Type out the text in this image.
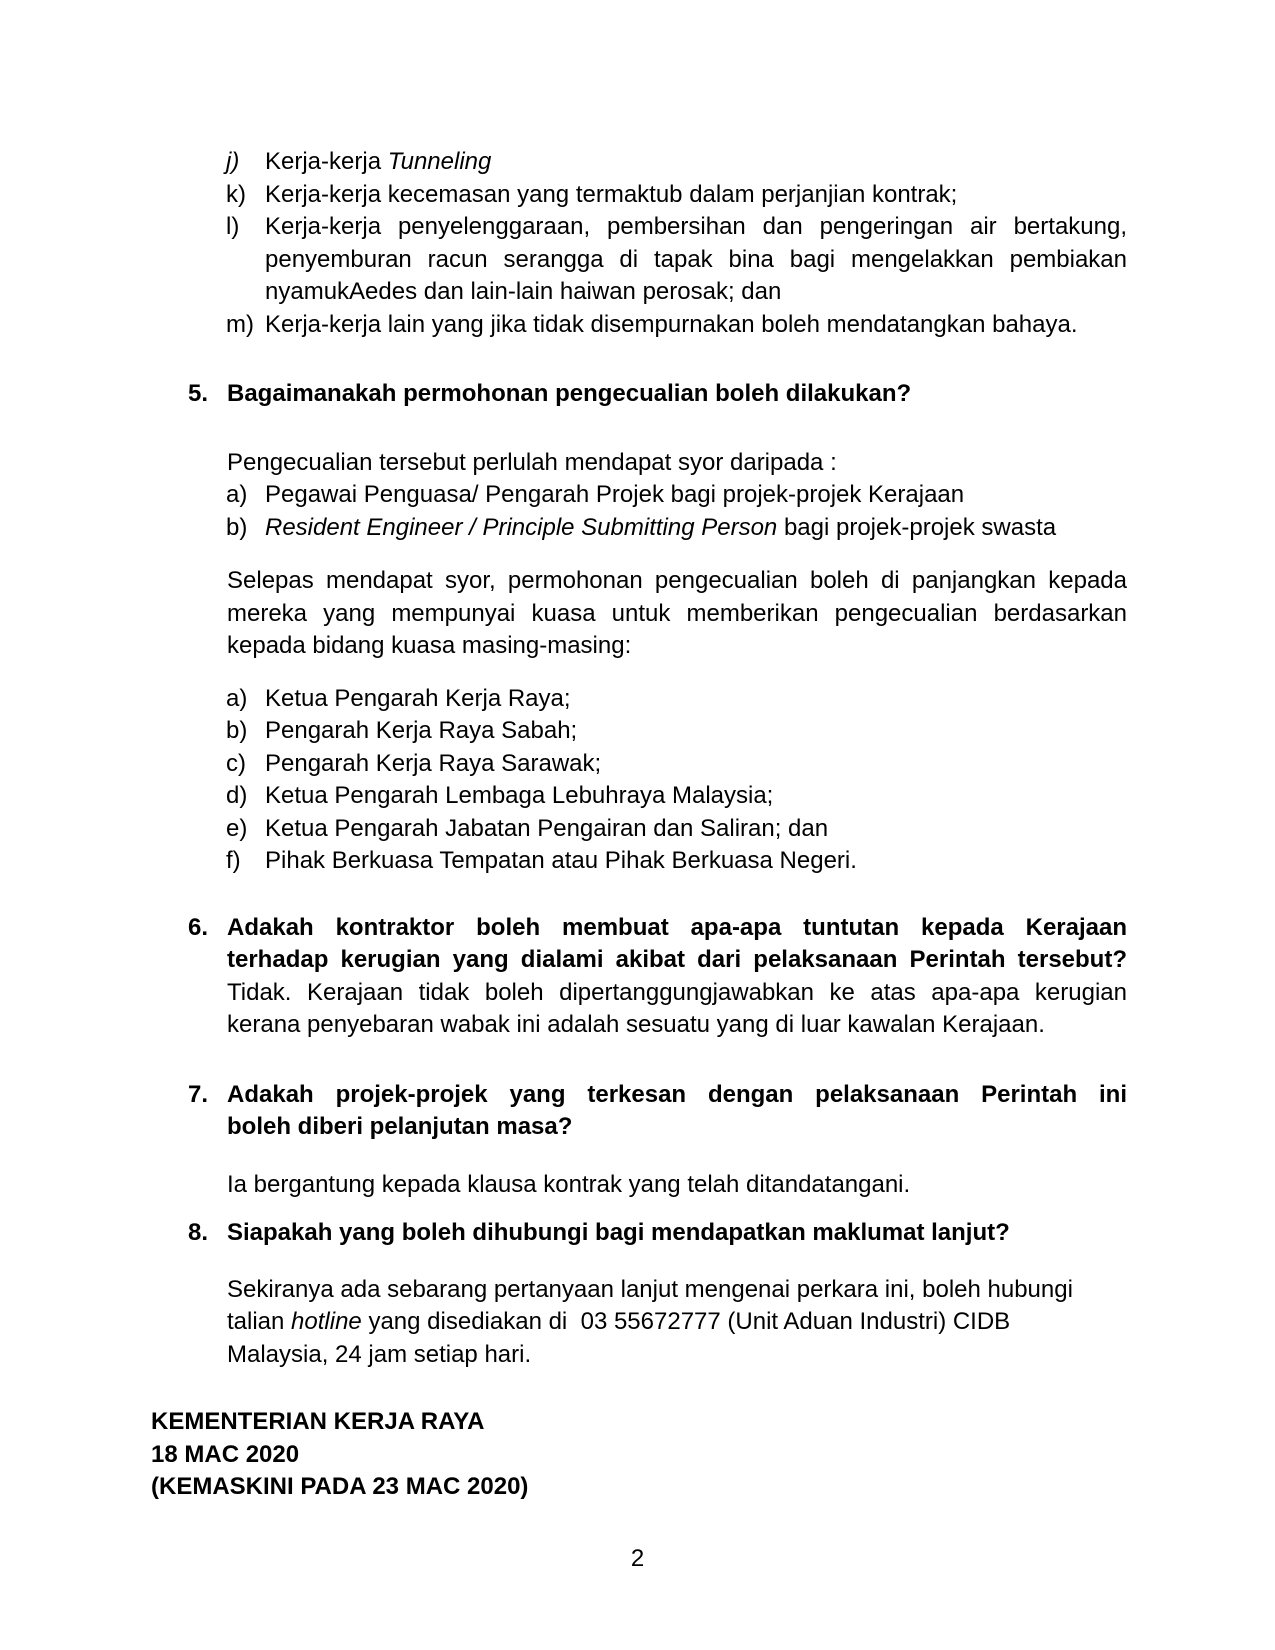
j) Kerja-kerja Tunneling
k) Kerja-kerja kecemasan yang termaktub dalam perjanjian kontrak;
l) Kerja-kerja penyelenggaraan, pembersihan dan pengeringan air bertakung,
penyemburan racun serangga di tapak bina bagi mengelakkan pembiakan
nyamukAedes dan lain-lain haiwan perosak; dan
m) Kerja-kerja lain yang jika tidak disempurnakan boleh mendatangkan bahaya.
5. Bagaimanakah permohonan pengecualian boleh dilakukan?
Pengecualian tersebut perlulah mendapat syor daripada :
a) Pegawai Penguasa/ Pengarah Projek bagi projek-projek Kerajaan
b) Resident Engineer / Principle Submitting Person bagi projek-projek swasta
Selepas mendapat syor, permohonan pengecualian boleh di panjangkan kepada
mereka yang mempunyai kuasa untuk memberikan pengecualian berdasarkan
kepada bidang kuasa masing-masing:
a) Ketua Pengarah Kerja Raya;
b) Pengarah Kerja Raya Sabah;
c) Pengarah Kerja Raya Sarawak;
d) Ketua Pengarah Lembaga Lebuhraya Malaysia;
e) Ketua Pengarah Jabatan Pengairan dan Saliran; dan
f) Pihak Berkuasa Tempatan atau Pihak Berkuasa Negeri.
6. Adakah kontraktor boleh membuat apa-apa tuntutan kepada Kerajaan
terhadap kerugian yang dialami akibat dari pelaksanaan Perintah tersebut?
Tidak. Kerajaan tidak boleh dipertanggungjawabkan ke atas apa-apa kerugian
kerana penyebaran wabak ini adalah sesuatu yang di luar kawalan Kerajaan.
7. Adakah projek-projek yang terkesan dengan pelaksanaan Perintah ini
boleh diberi pelanjutan masa?
Ia bergantung kepada klausa kontrak yang telah ditandatangani.
8. Siapakah yang boleh dihubungi bagi mendapatkan maklumat lanjut?
Sekiranya ada sebarang pertanyaan lanjut mengenai perkara ini, boleh hubungi
talian hotline yang disediakan di  03 55672777 (Unit Aduan Industri) CIDB
Malaysia, 24 jam setiap hari.
KEMENTERIAN KERJA RAYA
18 MAC 2020
(KEMASKINI PADA 23 MAC 2020)
2
